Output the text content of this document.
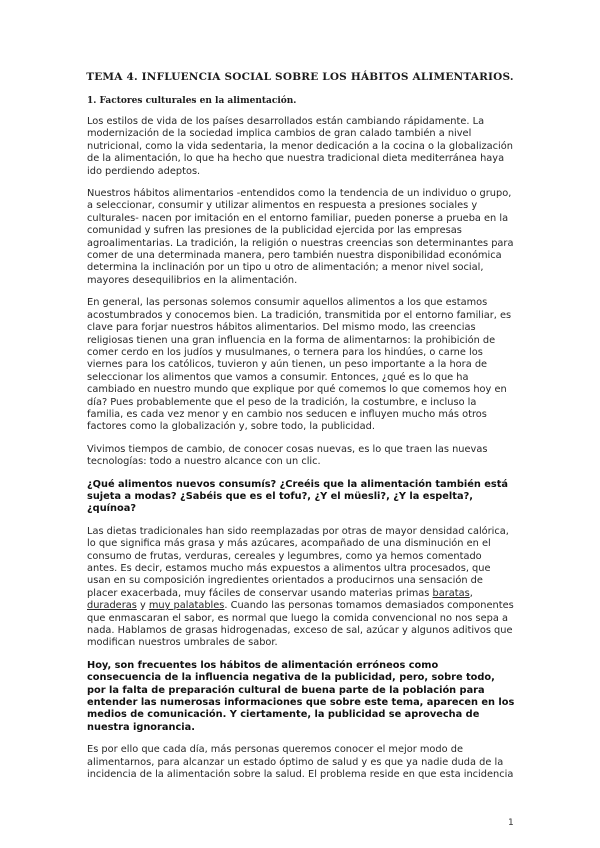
TEMA 4. INFLUENCIA SOCIAL SOBRE LOS HÁBITOS ALIMENTARIOS.
1. Factores culturales en la alimentación.

Los estilos de vida de los países desarrollados están cambiando rápidamente. La modernización de la sociedad implica cambios de gran calado también a nivel nutricional, como la vida sedentaria, la menor dedicación a la cocina o la globalización de la alimentación, lo que ha hecho que nuestra tradicional dieta mediterránea haya ido perdiendo adeptos.

Nuestros hábitos alimentarios -entendidos como la tendencia de un individuo o grupo, a seleccionar, consumir y utilizar alimentos en respuesta a presiones sociales y culturales- nacen por imitación en el entorno familiar, pueden ponerse a prueba en la comunidad y sufren las presiones de la publicidad ejercida por las empresas agroalimentarias. La tradición, la religión o nuestras creencias son determinantes para comer de una determinada manera, pero también nuestra disponibilidad económica determina la inclinación por un tipo u otro de alimentación; a menor nivel social, mayores desequilibrios en la alimentación.

En general, las personas solemos consumir aquellos alimentos a los que estamos acostumbrados y conocemos bien. La tradición, transmitida por el entorno familiar, es clave para forjar nuestros hábitos alimentarios. Del mismo modo, las creencias religiosas tienen una gran influencia en la forma de alimentarnos: la prohibición de comer cerdo en los judíos y musulmanes, o ternera para los hindúes, o carne los viernes para los católicos, tuvieron y aún tienen, un peso importante a la hora de seleccionar los alimentos que vamos a consumir. Entonces, ¿qué es lo que ha cambiado en nuestro mundo que explique por qué comemos lo que comemos hoy en día? Pues probablemente que el peso de la tradición, la costumbre, e incluso la familia, es cada vez menor y en cambio nos seducen e influyen mucho más otros factores como la globalización y, sobre todo, la publicidad.

Vivimos tiempos de cambio, de conocer cosas nuevas, es lo que traen las nuevas tecnologías: todo a nuestro alcance con un clic.

¿Qué alimentos nuevos consumís? ¿Creéis que la alimentación también está sujeta a modas? ¿Sabéis que es el tofu?, ¿Y el müesli?, ¿Y la espelta?, ¿quínoa?

Las dietas tradicionales han sido reemplazadas por otras de mayor densidad calórica, lo que significa más grasa y más azúcares, acompañado de una disminución en el consumo de frutas, verduras, cereales y legumbres, como ya hemos comentado antes. Es decir, estamos mucho más expuestos a alimentos ultra procesados, que usan en su composición ingredientes orientados a producirnos una sensación de placer exacerbada, muy fáciles de conservar usando materias primas baratas, duraderas y muy palatables. Cuando las personas tomamos demasiados componentes que enmascaran el sabor, es normal que luego la comida convencional no nos sepa a nada. Hablamos de grasas hidrogenadas, exceso de sal, azúcar y algunos aditivos que modifican nuestros umbrales de sabor.

Hoy, son frecuentes los hábitos de alimentación erróneos como consecuencia de la influencia negativa de la publicidad, pero, sobre todo, por la falta de preparación cultural de buena parte de la población para entender las numerosas informaciones que sobre este tema, aparecen en los medios de comunicación. Y ciertamente, la publicidad se aprovecha de nuestra ignorancia.

Es por ello que cada día, más personas queremos conocer el mejor modo de alimentarnos, para alcanzar un estado óptimo de salud y es que ya nadie duda de la incidencia de la alimentación sobre la salud. El problema reside en que esta incidencia

1
